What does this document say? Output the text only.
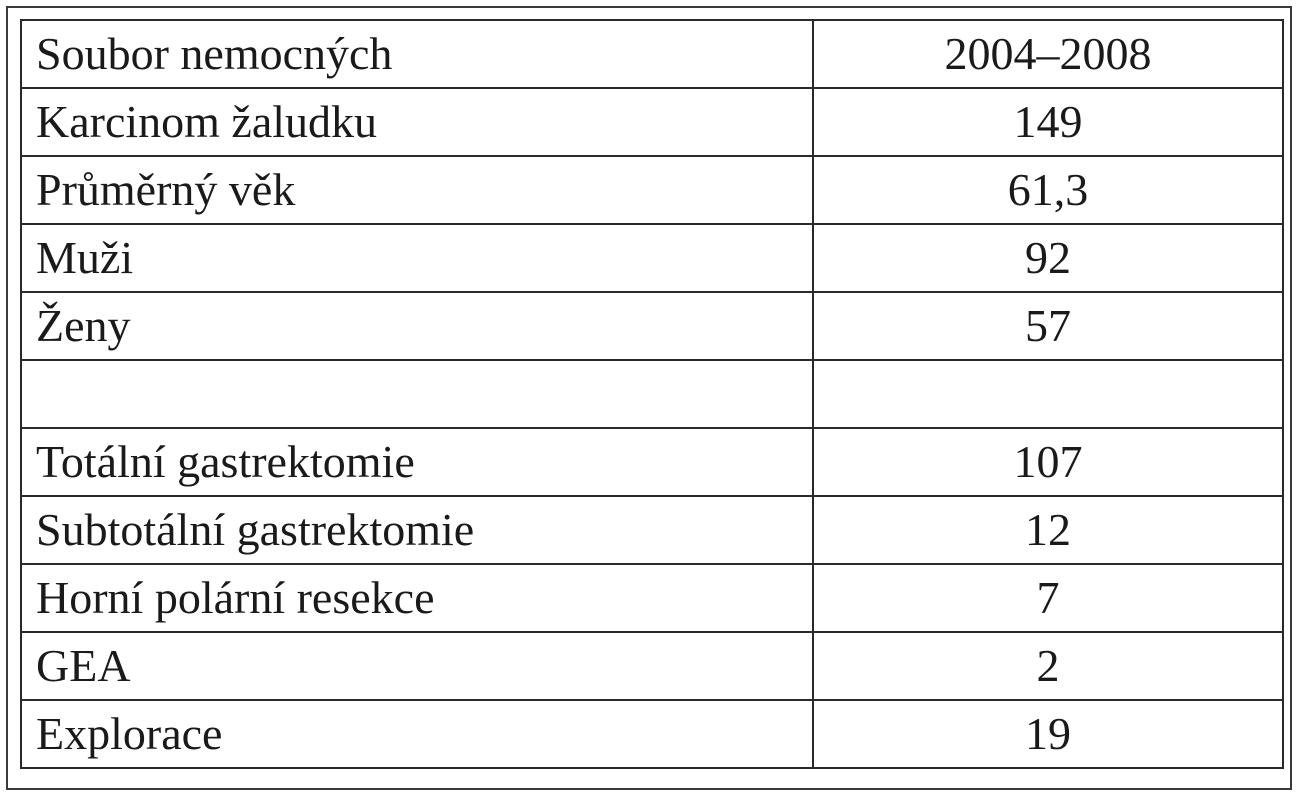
Soubor nemocných	2004–2008
Karcinom žaludku	149
Průměrný věk	61,3
Muži	92
Ženy	57

Totální gastrektomie	107
Subtotální gastrektomie	12
Horní polární resekce	7
GEA	2
Explorace	19
